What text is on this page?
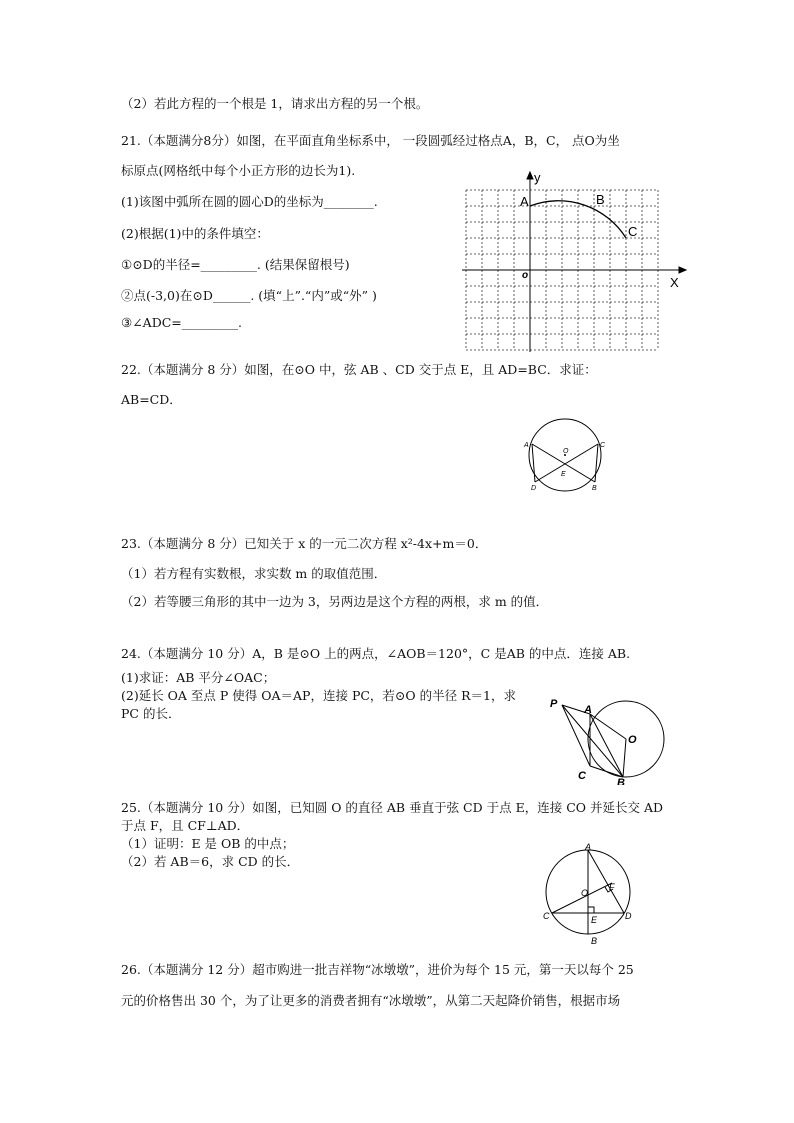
（2）若此方程的一个根是 1，请求出方程的另一个根。
21.（本题满分8分）如图，在平面直角坐标系中， 一段圆弧经过格点A，B，C， 点O为坐
标原点(网格纸中每个小正方形的边长为1).
(1)该图中弧所在圆的圆心D的坐标为________.
(2)根据(1)中的条件填空：
①⊙D的半径=_________. (结果保留根号)
②点(-3,0)在⊙D______. (填“上”.“内”或“外” )
③∠ADC=_________.
y
X
A	B
C
o
22.（本题满分 8 分）如图，在⊙O 中，弦 AB 、CD 交于点 E，且 AD=BC．求证：
AB=CD．
A	C
O
E
D	B
23.（本题满分 8 分）已知关于 x 的一元二次方程 x²-4x+m＝0．
（1）若方程有实数根，求实数 m 的取值范围．
（2）若等腰三角形的其中一边为 3，另两边是这个方程的两根，求 m 的值．
24.（本题满分 10 分）A，B 是⊙O 上的两点，∠AOB＝120°，C 是AB 的中点．连接 AB.
(1)求证：AB 平分∠OAC；
(2)延长 OA 至点 P 使得 OA＝AP，连接 PC，若⊙O 的半径 R＝1，求
PC 的长．
P A
O
C
B
25.（本题满分 10 分）如图，已知圆 O 的直径 AB 垂直于弦 CD 于点 E，连接 CO 并延长交 AD
于点 F，且 CF⊥AD．
（1）证明：E 是 OB 的中点；
（2）若 AB＝6，求 CD 的长．
A
O
F
C	E	D
B
26.（本题满分 12 分）超市购进一批吉祥物“冰墩墩”，进价为每个 15 元，第一天以每个 25
元的价格售出 30 个，为了让更多的消费者拥有“冰墩墩”，从第二天起降价销售，根据市场
